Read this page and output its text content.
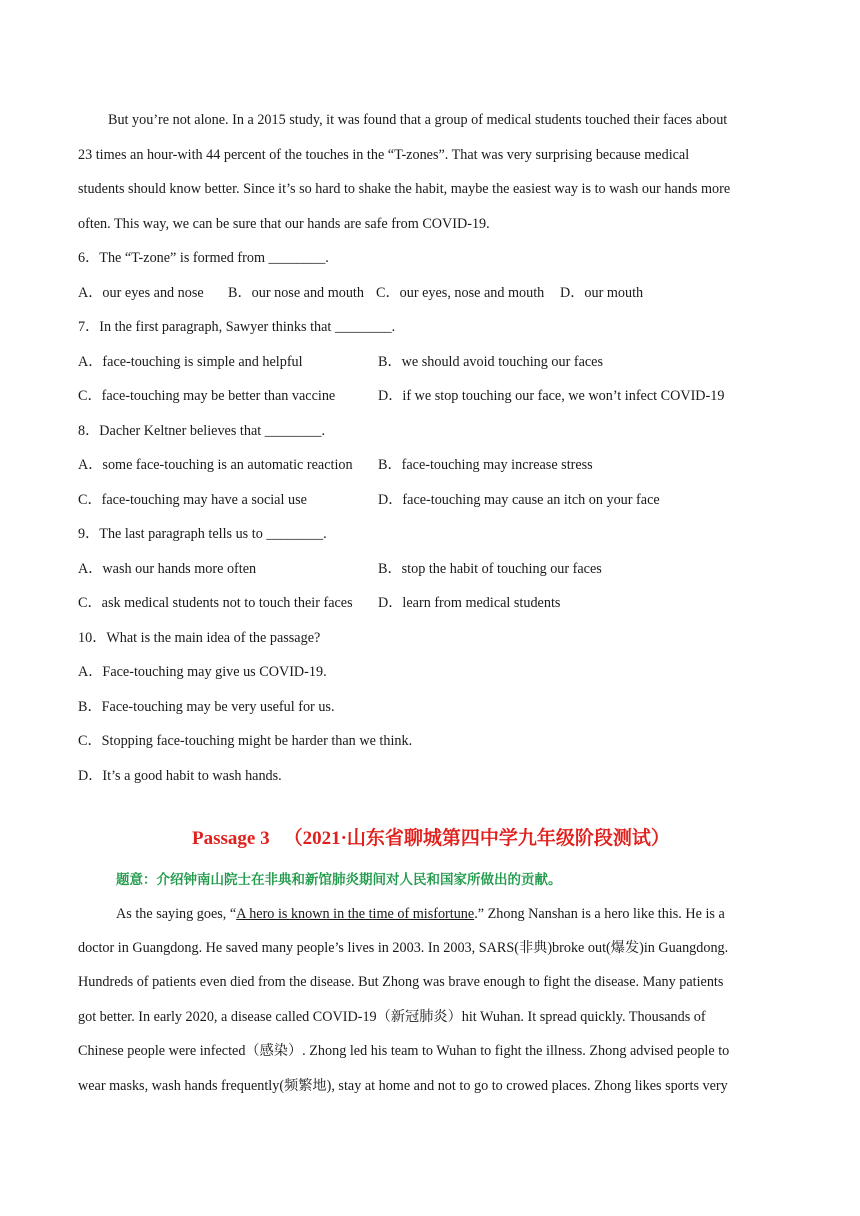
But you’re not alone. In a 2015 study, it was found that a group of medical students touched their faces about
23 times an hour-with 44 percent of the touches in the “T-zones”. That was very surprising because medical
students should know better. Since it’s so hard to shake the habit, maybe the easiest way is to wash our hands more
often. This way, we can be sure that our hands are safe from COVID-19.
6．The “T-zone” is formed from ________.
A．our eyes and nose B．our nose and mouth C．our eyes, nose and mouth D．our mouth
7．In the first paragraph, Sawyer thinks that ________.
A．face-touching is simple and helpful	B．we should avoid touching our faces
C．face-touching may be better than vaccine	D．if we stop touching our face, we won’t infect COVID-19
8．Dacher Keltner believes that ________.
A．some face-touching is an automatic reaction B．face-touching may increase stress
C．face-touching may have a social use	D．face-touching may cause an itch on your face
9．The last paragraph tells us to ________.
A．wash our hands more often	B．stop the habit of touching our faces
C．ask medical students not to touch their faces D．learn from medical students
10．What is the main idea of the passage?
A．Face-touching may give us COVID-19.
B．Face-touching may be very useful for us.
C．Stopping face-touching might be harder than we think.
D．It’s a good habit to wash hands.
Passage 3 （2021·山东省聊城第四中学九年级阶段测试）
题意：介绍钟南山院士在非典和新馆肺炎期间对人民和国家所做出的贡献。
As the saying goes, “A hero is known in the time of misfortune.” Zhong Nanshan is a hero like this. He is a
doctor in Guangdong. He saved many people’s lives in 2003. In 2003, SARS(非典)broke out(爆发)in Guangdong.
Hundreds of patients even died from the disease. But Zhong was brave enough to fight the disease. Many patients
got better. In early 2020, a disease called COVID-19（新冠肺炎）hit Wuhan. It spread quickly. Thousands of
Chinese people were infected（感染）. Zhong led his team to Wuhan to fight the illness. Zhong advised people to
wear masks, wash hands frequently(频繁地), stay at home and not to go to crowed places. Zhong likes sports very
